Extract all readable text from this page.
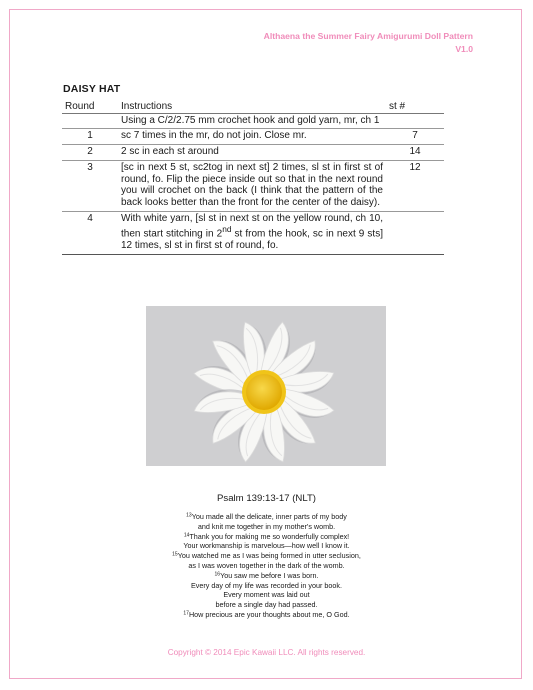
Althaena the Summer Fairy Amigurumi Doll Pattern
V1.0
DAISY HAT
Round	Instructions	st #
	Using a C/2/2.75 mm crochet hook and gold yarn, mr, ch 1	
1	sc 7 times in the mr, do not join. Close mr.	7
2	2 sc in each st around	14
3	[sc in next 5 st, sc2tog in next st] 2 times, sl st in first st of round, fo. Flip the piece inside out so that in the next round you will crochet on the back (I think that the pattern of the back looks better than the front for the center of the daisy).	12
4	With white yarn, [sl st in next st on the yellow round, ch 10, then start stitching in 2nd st from the hook, sc in next 9 sts] 12 times, sl st in first st of round, fo.	
Psalm 139:13-17 (NLT)
$^{13}$You made all the delicate, inner parts of my body
and knit me together in my mother's womb.
$^{14}$Thank you for making me so wonderfully complex!
Your workmanship is marvelous—how well I know it.
$^{15}$You watched me as I was being formed in utter seclusion,
as I was woven together in the dark of the womb.
$^{16}$You saw me before I was born.
Every day of my life was recorded in your book.
Every moment was laid out
before a single day had passed.
$^{17}$How precious are your thoughts about me, O God.
Copyright © 2014 Epic Kawaii LLC. All rights reserved.
